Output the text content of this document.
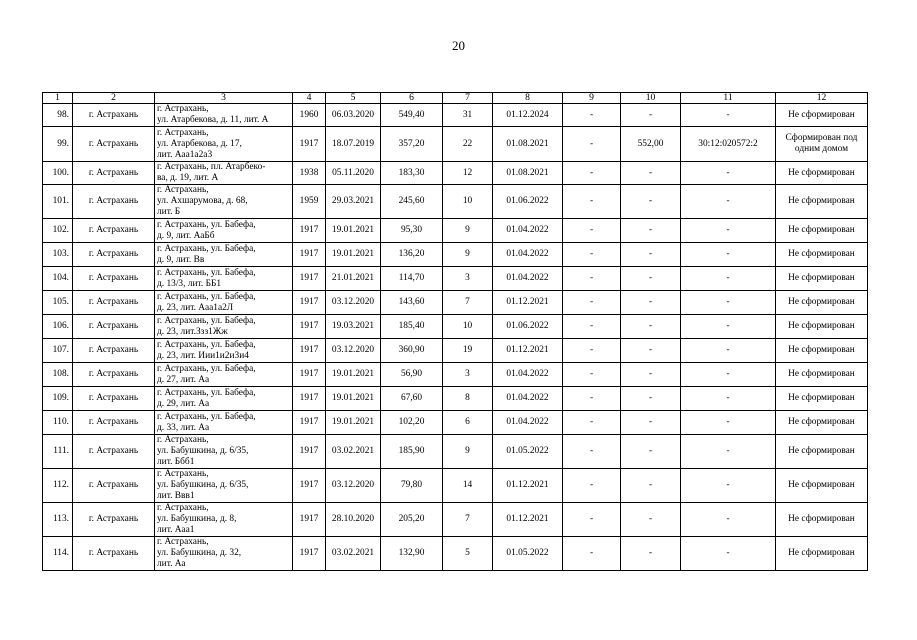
20
1	2	3	4	5	6	7	8	9	10	11	12
98.	г. Астрахань	г. Астрахань,
ул. Атарбекова, д. 11, лит. А	1960	06.03.2020	549,40	31	01.12.2024	-	-	-	Не сформирован
99.	г. Астрахань	г. Астрахань,
ул. Атарбекова, д. 17,
лит. Ааа1а2а3	1917	18.07.2019	357,20	22	01.08.2021	-	552,00	30:12:020572:2	Сформирован под одним домом
100.	г. Астрахань	г. Астрахань, пл. Атарбеко-
ва, д. 19, лит. А	1938	05.11.2020	183,30	12	01.08.2021	-	-	-	Не сформирован
101.	г. Астрахань	г. Астрахань,
ул. Ахшарумова, д. 68,
лит. Б	1959	29.03.2021	245,60	10	01.06.2022	-	-	-	Не сформирован
102.	г. Астрахань	г. Астрахань, ул. Бабефа,
д. 9, лит. АаБб	1917	19.01.2021	95,30	9	01.04.2022	-	-	-	Не сформирован
103.	г. Астрахань	г. Астрахань, ул. Бабефа,
д. 9, лит. Вв	1917	19.01.2021	136,20	9	01.04.2022	-	-	-	Не сформирован
104.	г. Астрахань	г. Астрахань, ул. Бабефа,
д. 13/3, лит. ББ1	1917	21.01.2021	114,70	3	01.04.2022	-	-	-	Не сформирован
105.	г. Астрахань	г. Астрахань, ул. Бабефа,
д. 23, лит. Ааа1а2Л	1917	03.12.2020	143,60	7	01.12.2021	-	-	-	Не сформирован
106.	г. Астрахань	г. Астрахань, ул. Бабефа,
д. 23, лит.Ззз1Жж	1917	19.03.2021	185,40	10	01.06.2022	-	-	-	Не сформирован
107.	г. Астрахань	г. Астрахань, ул. Бабефа,
д. 23, лит. Иии1и2и3и4	1917	03.12.2020	360,90	19	01.12.2021	-	-	-	Не сформирован
108.	г. Астрахань	г. Астрахань, ул. Бабефа,
д. 27, лит. Аа	1917	19.01.2021	56,90	3	01.04.2022	-	-	-	Не сформирован
109.	г. Астрахань	г. Астрахань, ул. Бабефа,
д. 29, лит. Аа	1917	19.01.2021	67,60	8	01.04.2022	-	-	-	Не сформирован
110.	г. Астрахань	г. Астрахань, ул. Бабефа,
д. 33, лит. Аа	1917	19.01.2021	102,20	6	01.04.2022	-	-	-	Не сформирован
111.	г. Астрахань	г. Астрахань,
ул. Бабушкина, д. 6/35,
лит. Ббб1	1917	03.02.2021	185,90	9	01.05.2022	-	-	-	Не сформирован
112.	г. Астрахань	г. Астрахань,
ул. Бабушкина, д. 6/35,
лит. Ввв1	1917	03.12.2020	79,80	14	01.12.2021	-	-	-	Не сформирован
113.	г. Астрахань	г. Астрахань,
ул. Бабушкина, д. 8,
лит. Ааа1	1917	28.10.2020	205,20	7	01.12.2021	-	-	-	Не сформирован
114.	г. Астрахань	г. Астрахань,
ул. Бабушкина, д. 32,
лит. Аа	1917	03.02.2021	132,90	5	01.05.2022	-	-	-	Не сформирован
